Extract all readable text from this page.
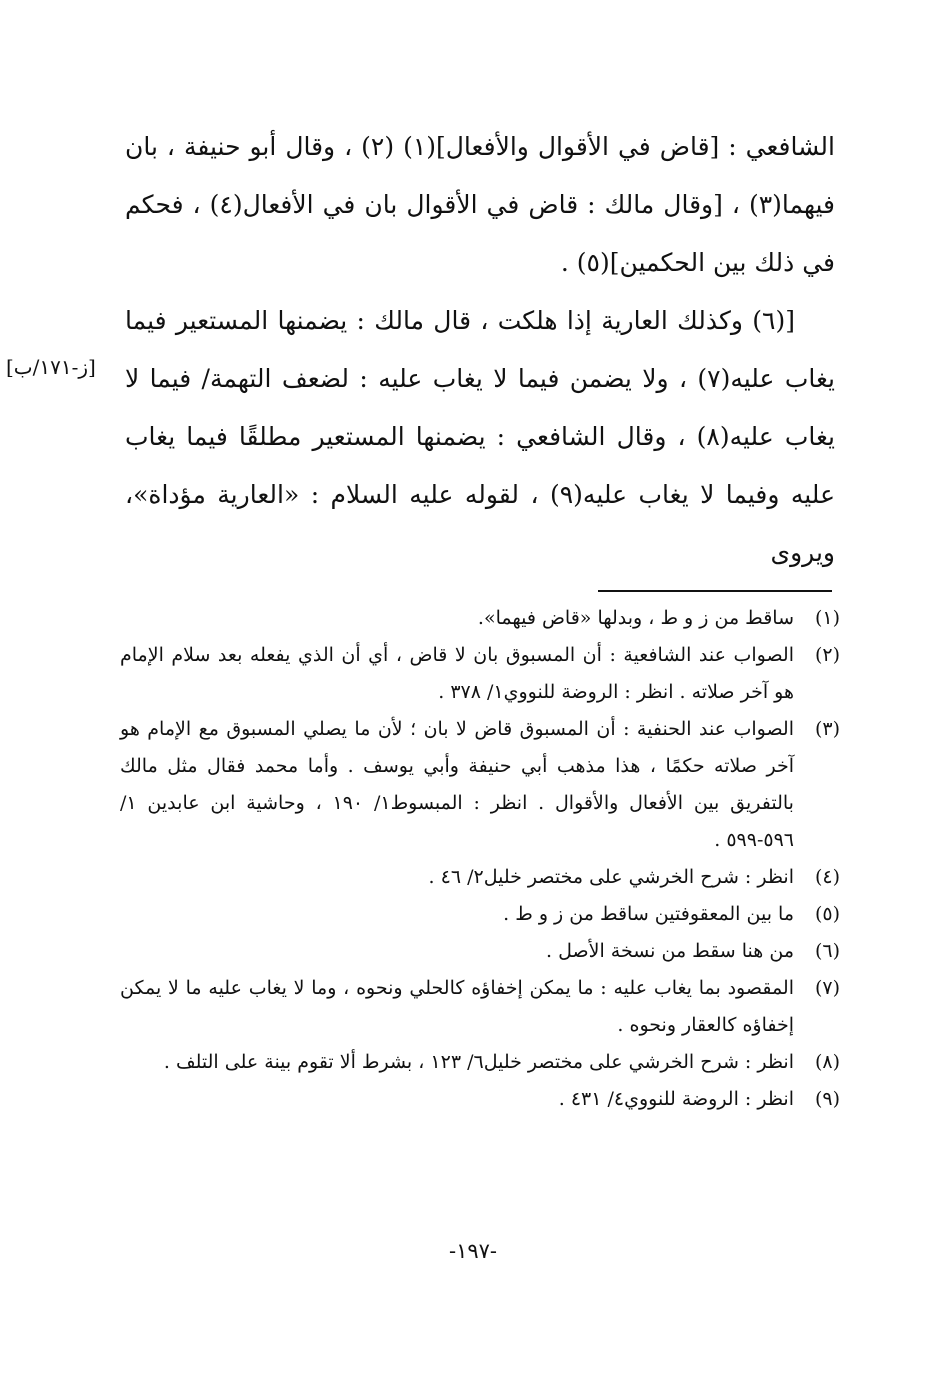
الشافعي : [قاض في الأقوال والأفعال](١) (٢) ، وقال أبو حنيفة ، بان فيهما(٣) ، [وقال مالك : قاض في الأقوال بان في الأفعال(٤) ، فحكم في ذلك بين الحكمين](٥) .

[(٦) وكذلك العارية إذا هلكت ، قال مالك : يضمنها المستعير فيما يغاب عليه(٧) ، ولا يضمن فيما لا يغاب عليه : لضعف التهمة/ فيما لا يغاب عليه(٨) ، وقال الشافعي : يضمنها المستعير مطلقًا فيما يغاب عليه وفيما لا يغاب عليه(٩) ، لقوله عليه السلام : «العارية مؤداة»، ويروى

[ز-١٧١/ب]
(١)
ساقط من ز و ط ، وبدلها «قاض فيهما».
(٢)
الصواب عند الشافعية : أن المسبوق بان لا قاض ، أي أن الذي يفعله بعد سلام الإمام هو آخر صلاته . انظر : الروضة للنووي١/ ٣٧٨ .
(٣)
الصواب عند الحنفية : أن المسبوق قاض لا بان ؛ لأن ما يصلي المسبوق مع الإمام هو آخر صلاته حكمًا ، هذا مذهب أبي حنيفة وأبي يوسف . وأما محمد فقال مثل مالك بالتفريق بين الأفعال والأقوال . انظر : المبسوط١/ ١٩٠ ، وحاشية ابن عابدين ١/ ٥٩٦-٥٩٩ .
(٤)
انظر : شرح الخرشي على مختصر خليل٢/ ٤٦ .
(٥)
ما بين المعقوفتين ساقط من ز و ط .
(٦)
من هنا سقط من نسخة الأصل .
(٧)
المقصود بما يغاب عليه : ما يمكن إخفاؤه كالحلي ونحوه ، وما لا يغاب عليه ما لا يمكن إخفاؤه كالعقار ونحوه .
(٨)
انظر : شرح الخرشي على مختصر خليل٦/ ١٢٣ ، بشرط ألا تقوم بينة على التلف .
(٩)
انظر : الروضة للنووي٤/ ٤٣١ .
-١٩٧-
